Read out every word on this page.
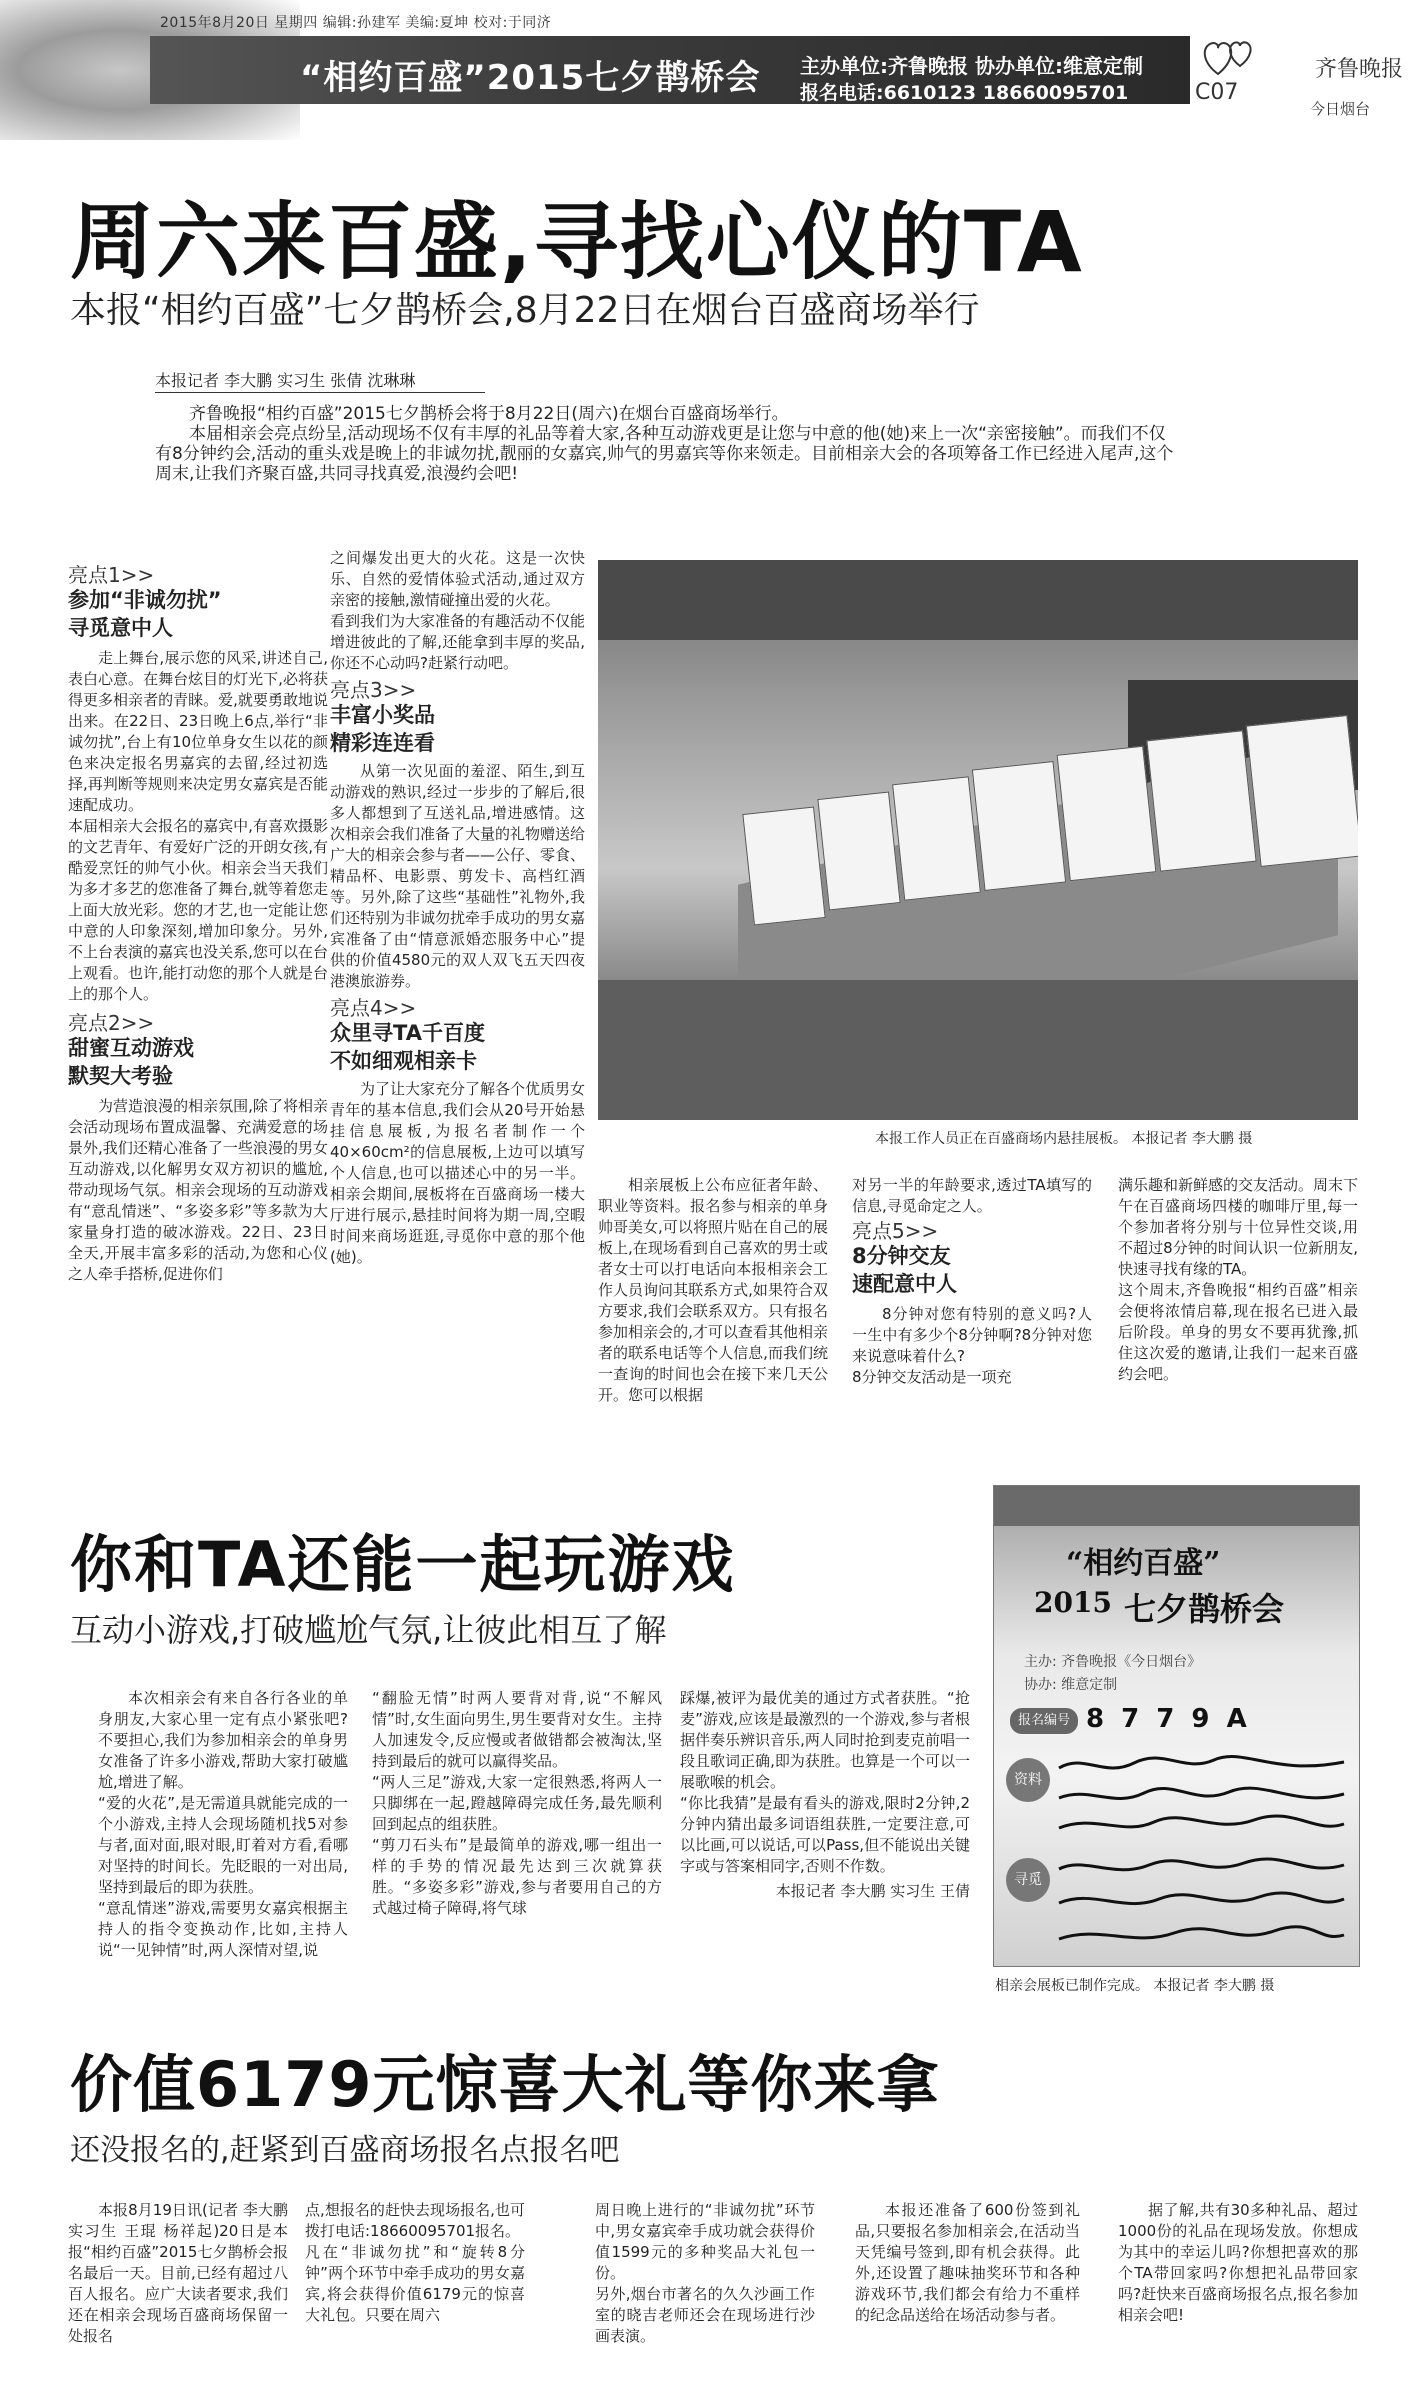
2015年8月20日 星期四 编辑:孙建军 美编:夏坤 校对:于同济
“相约百盛”2015七夕鹊桥会 主办单位:齐鲁晚报 协办单位:维意定制
报名电话:6610123 18660095701	C07
齐鲁晚报
今日烟台
周六来百盛,寻找心仪的TA
本报“相约百盛”七夕鹊桥会,8月22日在烟台百盛商场举行
本报记者 李大鹏 实习生 张倩 沈琳琳
齐鲁晚报“相约百盛”2015七夕鹊桥会将于8月22日(周六)在烟台百盛商场举行。
本届相亲会亮点纷呈,活动现场不仅有丰厚的礼品等着大家,各种互动游戏更是让您与中意的他(她)来上一次“亲密接触”。而我们不仅有8分钟约会,活动的重头戏是晚上的非诚勿扰,靓丽的女嘉宾,帅气的男嘉宾等你来领走。目前相亲大会的各项筹备工作已经进入尾声,这个周末,让我们齐聚百盛,共同寻找真爱,浪漫约会吧!
亮点1>>
参加“非诚勿扰”
寻觅意中人
走上舞台,展示您的风采,讲述自己,表白心意。在舞台炫目的灯光下,必将获得更多相亲者的青睐。爱,就要勇敢地说出来。在22日、23日晚上6点,举行“非诚勿扰”,台上有10位单身女生以花的颜色来决定报名男嘉宾的去留,经过初选择,再判断等规则来决定男女嘉宾是否能速配成功。
本届相亲大会报名的嘉宾中,有喜欢摄影的文艺青年、有爱好广泛的开朗女孩,有酷爱烹饪的帅气小伙。相亲会当天我们为多才多艺的您准备了舞台,就等着您走上面大放光彩。您的才艺,也一定能让您中意的人印象深刻,增加印象分。另外,不上台表演的嘉宾也没关系,您可以在台上观看。也许,能打动您的那个人就是台上的那个人。
亮点2>>
甜蜜互动游戏
默契大考验
为营造浪漫的相亲氛围,除了将相亲会活动现场布置成温馨、充满爱意的场景外,我们还精心准备了一些浪漫的男女互动游戏,以化解男女双方初识的尴尬,带动现场气氛。相亲会现场的互动游戏有“意乱情迷”、“多姿多彩”等多款为大家量身打造的破冰游戏。22日、23日全天,开展丰富多彩的活动,为您和心仪之人牵手搭桥,促进你们
之间爆发出更大的火花。这是一次快乐、自然的爱情体验式活动,通过双方亲密的接触,激情碰撞出爱的火花。
看到我们为大家准备的有趣活动不仅能增进彼此的了解,还能拿到丰厚的奖品,你还不心动吗?赶紧行动吧。
亮点3>>
丰富小奖品
精彩连连看
从第一次见面的羞涩、陌生,到互动游戏的熟识,经过一步步的了解后,很多人都想到了互送礼品,增进感情。这次相亲会我们准备了大量的礼物赠送给广大的相亲会参与者——公仔、零食、精品杯、电影票、剪发卡、高档红酒等。另外,除了这些“基础性”礼物外,我们还特别为非诚勿扰牵手成功的男女嘉宾准备了由“情意派婚恋服务中心”提供的价值4580元的双人双飞五天四夜港澳旅游券。
亮点4>>
众里寻TA千百度
不如细观相亲卡
为了让大家充分了解各个优质男女青年的基本信息,我们会从20号开始悬挂信息展板,为报名者制作一个40×60cm²的信息展板,上边可以填写个人信息,也可以描述心中的另一半。相亲会期间,展板将在百盛商场一楼大厅进行展示,悬挂时间将为期一周,空暇时间来商场逛逛,寻觅你中意的那个他(她)。
本报工作人员正在百盛商场内悬挂展板。 本报记者 李大鹏 摄
相亲展板上公布应征者年龄、职业等资料。报名参与相亲的单身帅哥美女,可以将照片贴在自己的展板上,在现场看到自己喜欢的男士或者女士可以打电话向本报相亲会工作人员询问其联系方式,如果符合双方要求,我们会联系双方。只有报名参加相亲会的,才可以查看其他相亲者的联系电话等个人信息,而我们统一查询的时间也会在接下来几天公开。您可以根据
对另一半的年龄要求,透过TA填写的信息,寻觅命定之人。
亮点5>>
8分钟交友
速配意中人
8分钟对您有特别的意义吗?人一生中有多少个8分钟啊?8分钟对您来说意味着什么?
8分钟交友活动是一项充
满乐趣和新鲜感的交友活动。周末下午在百盛商场四楼的咖啡厅里,每一个参加者将分别与十位异性交谈,用不超过8分钟的时间认识一位新朋友,快速寻找有缘的TA。
这个周末,齐鲁晚报“相约百盛”相亲会便将浓情启幕,现在报名已进入最后阶段。单身的男女不要再犹豫,抓住这次爱的邀请,让我们一起来百盛约会吧。
你和TA还能一起玩游戏
互动小游戏,打破尴尬气氛,让彼此相互了解
本次相亲会有来自各行各业的单身朋友,大家心里一定有点小紧张吧?不要担心,我们为参加相亲会的单身男女准备了许多小游戏,帮助大家打破尴尬,增进了解。
“爱的火花”,是无需道具就能完成的一个小游戏,主持人会现场随机找5对参与者,面对面,眼对眼,盯着对方看,看哪对坚持的时间长。先眨眼的一对出局,坚持到最后的即为获胜。
“意乱情迷”游戏,需要男女嘉宾根据主持人的指令变换动作,比如,主持人说“一见钟情”时,两人深情对望,说
“翻脸无情”时两人要背对背,说“不解风情”时,女生面向男生,男生要背对女生。主持人加速发令,反应慢或者做错都会被淘汰,坚持到最后的就可以赢得奖品。
“两人三足”游戏,大家一定很熟悉,将两人一只脚绑在一起,蹬越障碍完成任务,最先顺利回到起点的组获胜。
“剪刀石头布”是最简单的游戏,哪一组出一样的手势的情况最先达到三次就算获胜。“多姿多彩”游戏,参与者要用自己的方式越过椅子障碍,将气球
踩爆,被评为最优美的通过方式者获胜。“抢麦”游戏,应该是最激烈的一个游戏,参与者根据伴奏乐辨识音乐,两人同时抢到麦克前唱一段且歌词正确,即为获胜。也算是一个可以一展歌喉的机会。
“你比我猜”是最有看头的游戏,限时2分钟,2分钟内猜出最多词语组获胜,一定要注意,可以比画,可以说话,可以Pass,但不能说出关键字或与答案相同字,否则不作数。
本报记者 李大鹏 实习生 王倩
“相约百盛”
2015 七夕鹊桥会
主办: 齐鲁晚报《今日烟台》
协办: 维意定制
报名编号 8 7 7 9 A
资料
寻觅
相亲会展板已制作完成。 本报记者 李大鹏 摄
价值6179元惊喜大礼等你来拿
还没报名的,赶紧到百盛商场报名点报名吧
本报8月19日讯(记者 李大鹏 实习生 王琨 杨祥起)20日是本报“相约百盛”2015七夕鹊桥会报名最后一天。目前,已经有超过八百人报名。应广大读者要求,我们还在相亲会现场百盛商场保留一处报名
点,想报名的赶快去现场报名,也可拨打电话:18660095701报名。
凡在“非诚勿扰”和“旋转8分钟”两个环节中牵手成功的男女嘉宾,将会获得价值6179元的惊喜大礼包。只要在周六
周日晚上进行的“非诚勿扰”环节中,男女嘉宾牵手成功就会获得价值1599元的多种奖品大礼包一份。
另外,烟台市著名的久久沙画工作室的晓吉老师还会在现场进行沙画表演。
本报还准备了600份签到礼品,只要报名参加相亲会,在活动当天凭编号签到,即有机会获得。此外,还设置了趣味抽奖环节和各种游戏环节,我们都会有给力不重样的纪念品送给在场活动参与者。
据了解,共有30多种礼品、超过1000份的礼品在现场发放。你想成为其中的幸运儿吗?你想把喜欢的那个TA带回家吗?你想把礼品带回家吗?赶快来百盛商场报名点,报名参加相亲会吧!
